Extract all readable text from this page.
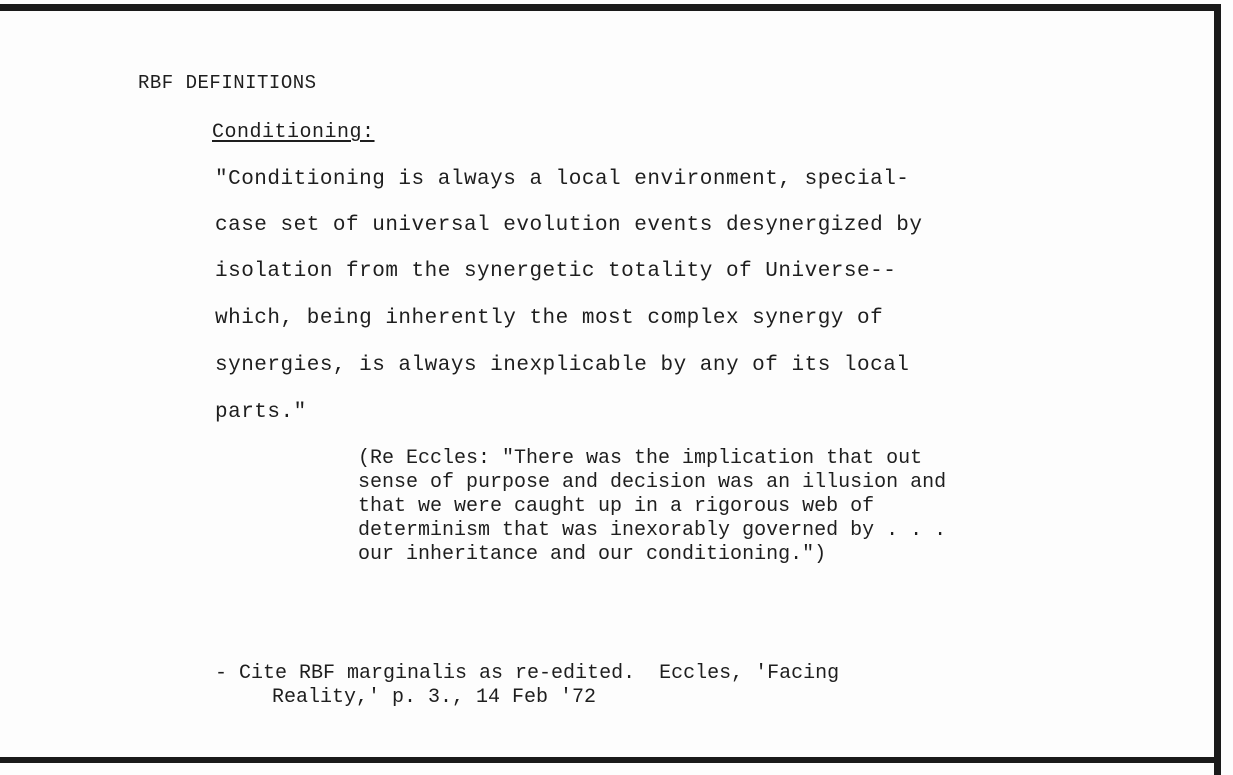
RBF DEFINITIONS
Conditioning:
"Conditioning is always a local environment, special-
case set of universal evolution events desynergized by
isolation from the synergetic totality of Universe--
which, being inherently the most complex synergy of
synergies, is always inexplicable by any of its local
parts."
(Re Eccles: "There was the implication that out
sense of purpose and decision was an illusion and
that we were caught up in a rigorous web of
determinism that was inexorably governed by . . .
our inheritance and our conditioning.")
- Cite RBF marginalis as re-edited.  Eccles, 'Facing
Reality,' p. 3., 14 Feb '72
